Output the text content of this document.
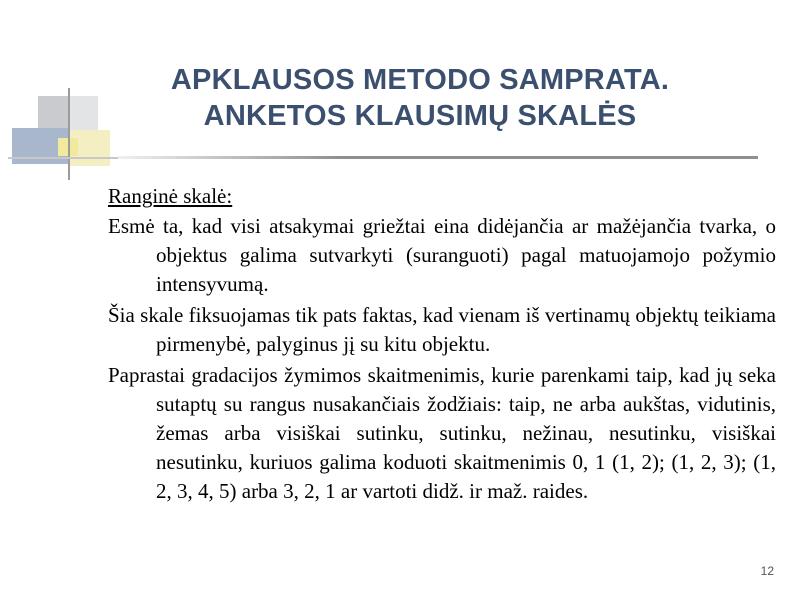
APKLAUSOS METODO SAMPRATA.
ANKETOS KLAUSIMŲ SKALĖS
Ranginė skalė:
Esmė ta, kad visi atsakymai griežtai eina didėjančia ar mažėjančia tvarka, o objektus galima sutvarkyti (suranguoti) pagal matuojamojo požymio intensyvumą.
Šia skale fiksuojamas tik pats faktas, kad vienam iš vertinamų objektų teikiama pirmenybė, palyginus jį su kitu objektu.
Paprastai gradacijos žymimos skaitmenimis, kurie parenkami taip, kad jų seka sutaptų su rangus nusakančiais žodžiais: taip, ne arba aukštas, vidutinis, žemas arba visiškai sutinku, sutinku, nežinau, nesutinku, visiškai nesutinku, kuriuos galima koduoti skaitmenimis 0, 1 (1, 2); (1, 2, 3); (1, 2, 3, 4, 5) arba 3, 2, 1 ar vartoti didž. ir maž. raides.
12
